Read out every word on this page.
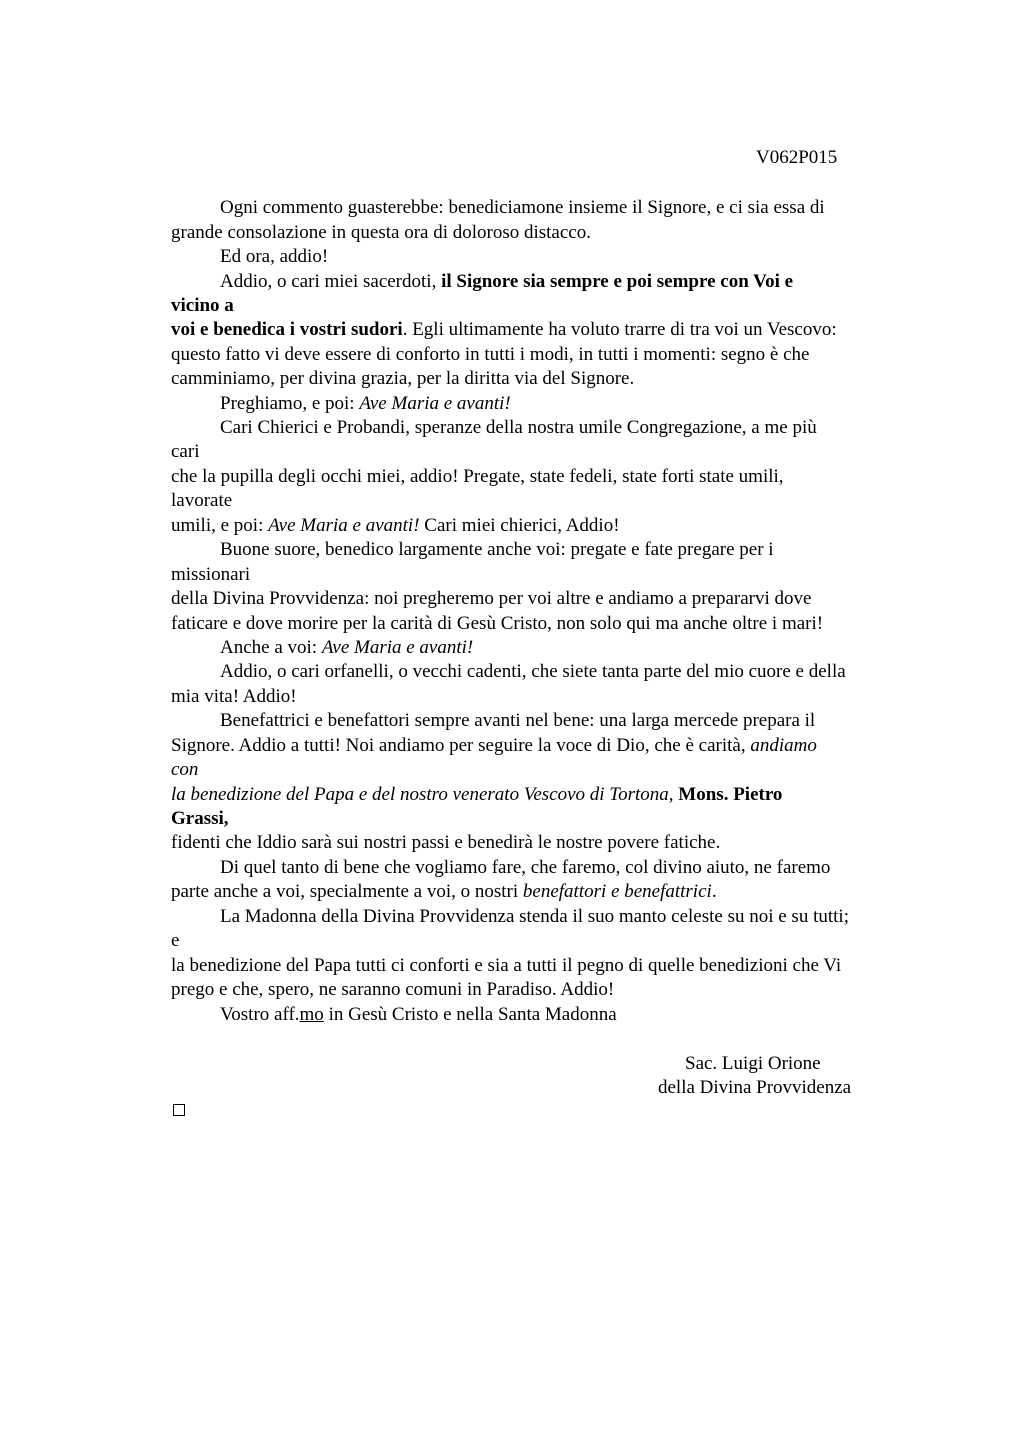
V062P015
Ogni commento guasterebbe: benediciamone insieme il Signore, e ci sia essa di
grande consolazione in questa ora di doloroso distacco.
Ed ora, addio!
Addio, o cari miei sacerdoti, il Signore sia sempre e poi sempre con Voi e
vicino a
voi e benedica i vostri sudori. Egli ultimamente ha voluto trarre di tra voi un Vescovo:
questo fatto vi deve essere di conforto in tutti i modi, in tutti i momenti: segno è che
camminiamo, per divina grazia, per la diritta via del Signore.
Preghiamo, e poi: Ave Maria e avanti!
Cari Chierici e Probandi, speranze della nostra umile Congregazione, a me più
cari
che la pupilla degli occhi miei, addio! Pregate, state fedeli, state forti state umili,
lavorate
umili, e poi: Ave Maria e avanti! Cari miei chierici, Addio!
Buone suore, benedico largamente anche voi: pregate e fate pregare per i
missionari
della Divina Provvidenza: noi pregheremo per voi altre e andiamo a prepararvi dove
faticare e dove morire per la carità di Gesù Cristo, non solo qui ma anche oltre i mari!
Anche a voi: Ave Maria e avanti!
Addio, o cari orfanelli, o vecchi cadenti, che siete tanta parte del mio cuore e della
mia vita! Addio!
Benefattrici e benefattori sempre avanti nel bene: una larga mercede prepara il
Signore. Addio a tutti! Noi andiamo per seguire la voce di Dio, che è carità, andiamo
con
la benedizione del Papa e del nostro venerato Vescovo di Tortona, Mons. Pietro
Grassi,
fidenti che Iddio sarà sui nostri passi e benedirà le nostre povere fatiche.
Di quel tanto di bene che vogliamo fare, che faremo, col divino aiuto, ne faremo
parte anche a voi, specialmente a voi, o nostri benefattori e benefattrici.
La Madonna della Divina Provvidenza stenda il suo manto celeste su noi e su tutti;
e
la benedizione del Papa tutti ci conforti e sia a tutti il pegno di quelle benedizioni che Vi
prego e che, spero, ne saranno comuni in Paradiso. Addio!
Vostro aff.mo in Gesù Cristo e nella Santa Madonna
Sac. Luigi Orione
della Divina Provvidenza
